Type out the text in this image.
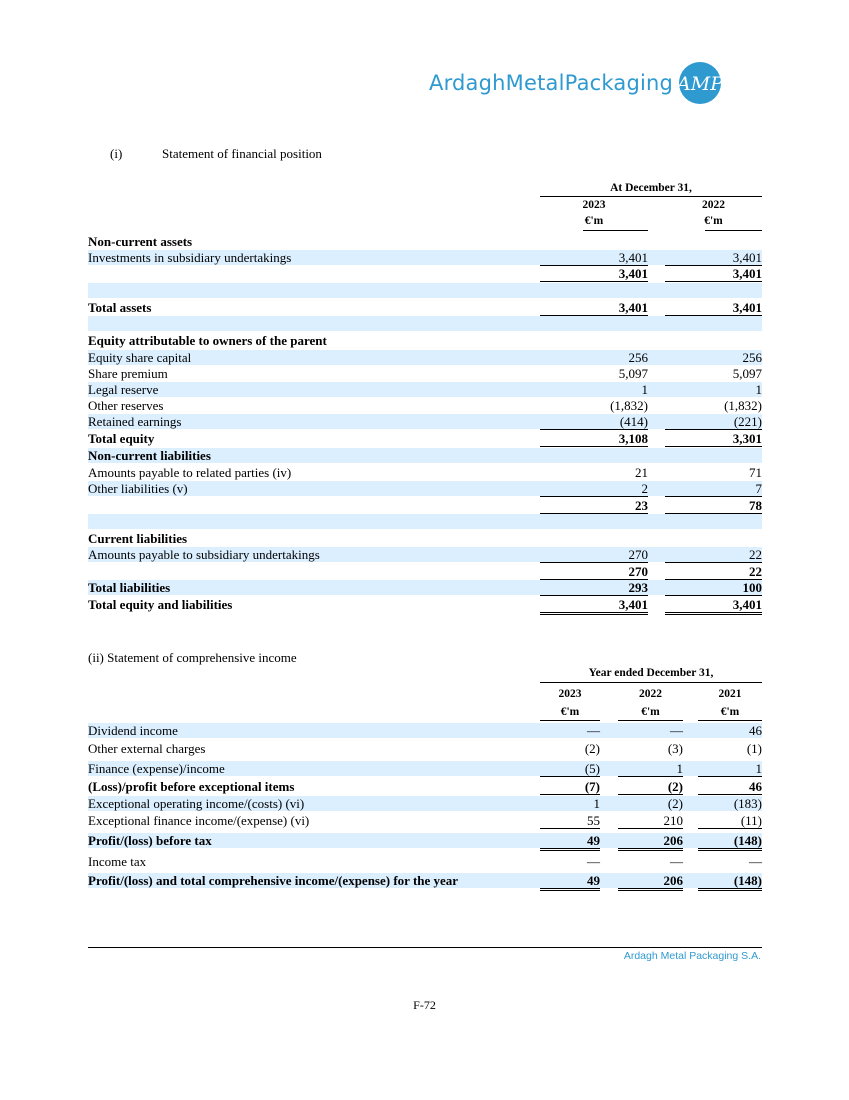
ArdaghMetalPackaging AMP
(i)	Statement of financial position
At December 31,
2023	2022
€'m	€'m
Non-current assets
Investments in subsidiary undertakings	3,401	3,401
3,401	3,401
Total assets	3,401	3,401
Equity attributable to owners of the parent
Equity share capital	256	256
Share premium	5,097	5,097
Legal reserve	1	1
Other reserves	(1,832)	(1,832)
Retained earnings	(414)	(221)
Total equity	3,108	3,301
Non-current liabilities
Amounts payable to related parties (iv)	21	71
Other liabilities (v)	2	7
23	78
Current liabilities
Amounts payable to subsidiary undertakings	270	22
270	22
Total liabilities	293	100
Total equity and liabilities	3,401	3,401
(ii) Statement of comprehensive income
Year ended December 31,
2023	2022	2021
€'m	€'m	€'m
Dividend income	—	—	46
Other external charges	(2)	(3)	(1)
Finance (expense)/income	(5)	1	1
(Loss)/profit before exceptional items	(7)	(2)	46
Exceptional operating income/(costs) (vi)	1	(2)	(183)
Exceptional finance income/(expense) (vi)	55	210	(11)
Profit/(loss) before tax	49	206	(148)
Income tax	—	—	—
Profit/(loss) and total comprehensive income/(expense) for the year	49	206	(148)
Ardagh Metal Packaging S.A.
F-72
